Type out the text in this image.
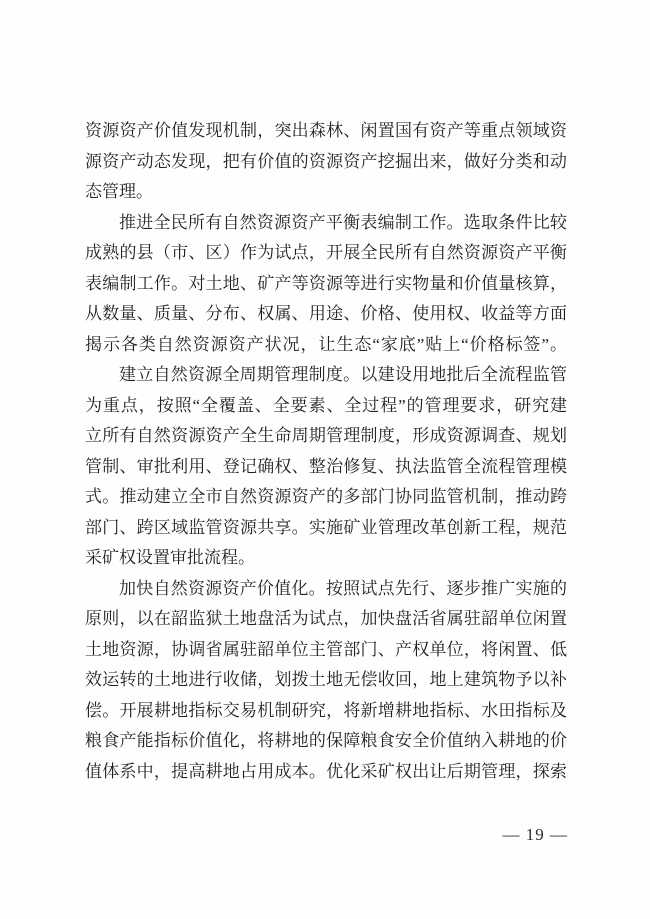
资源资产价值发现机制，突出森林、闲置国有资产等重点领域资
源资产动态发现，把有价值的资源资产挖掘出来，做好分类和动
态管理。
推进全民所有自然资源资产平衡表编制工作。选取条件比较
成熟的县（市、区）作为试点，开展全民所有自然资源资产平衡
表编制工作。对土地、矿产等资源等进行实物量和价值量核算，
从数量、质量、分布、权属、用途、价格、使用权、收益等方面
揭示各类自然资源资产状况，让生态“家底”贴上“价格标签”。
建立自然资源全周期管理制度。以建设用地批后全流程监管
为重点，按照“全覆盖、全要素、全过程”的管理要求，研究建
立所有自然资源资产全生命周期管理制度，形成资源调查、规划
管制、审批利用、登记确权、整治修复、执法监管全流程管理模
式。推动建立全市自然资源资产的多部门协同监管机制，推动跨
部门、跨区域监管资源共享。实施矿业管理改革创新工程，规范
采矿权设置审批流程。
加快自然资源资产价值化。按照试点先行、逐步推广实施的
原则，以在韶监狱土地盘活为试点，加快盘活省属驻韶单位闲置
土地资源，协调省属驻韶单位主管部门、产权单位，将闲置、低
效运转的土地进行收储，划拨土地无偿收回，地上建筑物予以补
偿。开展耕地指标交易机制研究，将新增耕地指标、水田指标及
粮食产能指标价值化，将耕地的保障粮食安全价值纳入耕地的价
值体系中，提高耕地占用成本。优化采矿权出让后期管理，探索
— 19 —
